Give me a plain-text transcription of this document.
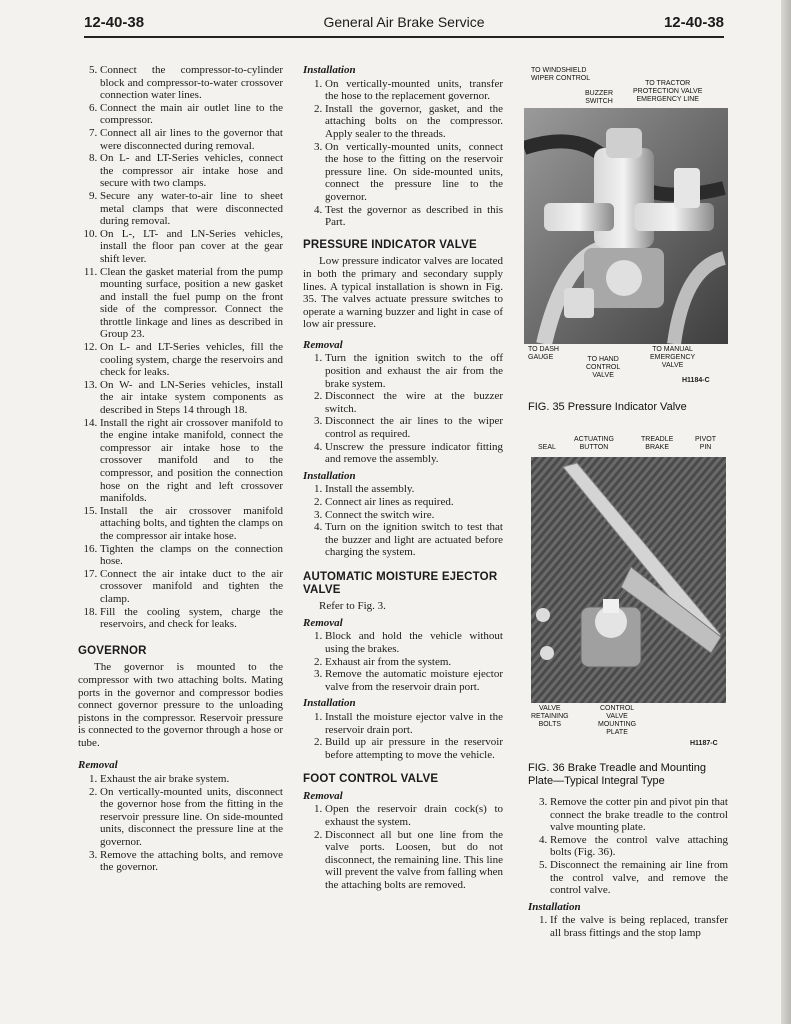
12-40-38	General Air Brake Service	12-40-38
5. Connect the compressor-to-cylinder block and compressor-to-water crossover connection water lines.
6. Connect the main air outlet line to the compressor.
7. Connect all air lines to the governor that were disconnected during removal.
8. On L- and LT-Series vehicles, connect the compressor air intake hose and secure with two clamps.
9. Secure any water-to-air line to sheet metal clamps that were disconnected during removal.
10. On L-, LT- and LN-Series vehicles, install the floor pan cover at the gear shift lever.
11. Clean the gasket material from the pump mounting surface, position a new gasket and install the fuel pump on the front side of the compressor. Connect the throttle linkage and lines as described in Group 23.
12. On L- and LT-Series vehicles, fill the cooling system, charge the reservoirs and check for leaks.
13. On W- and LN-Series vehicles, install the air intake system components as described in Steps 14 through 18.
14. Install the right air crossover manifold to the engine intake manifold, connect the compressor air intake hose to the crossover manifold and to the compressor, and position the connection hose on the right and left crossover manifolds.
15. Install the air crossover manifold attaching bolts, and tighten the clamps on the compressor air intake hose.
16. Tighten the clamps on the connection hose.
17. Connect the air intake duct to the air crossover manifold and tighten the clamp.
18. Fill the cooling system, charge the reservoirs, and check for leaks.
GOVERNOR

The governor is mounted to the compressor with two attaching bolts. Mating ports in the governor and compressor bodies connect governor pressure to the unloading pistons in the compressor. Reservoir pressure is connected to the governor through a hose or tube.

Removal
1. Exhaust the air brake system.
2. On vertically-mounted units, disconnect the governor hose from the fitting in the reservoir pressure line. On side-mounted units, disconnect the pressure line at the governor.
3. Remove the attaching bolts, and remove the governor.
Installation
1. On vertically-mounted units, transfer the hose to the replacement governor.
2. Install the governor, gasket, and the attaching bolts on the compressor. Apply sealer to the threads.
3. On vertically-mounted units, connect the hose to the fitting on the reservoir pressure line. On side-mounted units, connect the pressure line to the governor.
4. Test the governor as described in this Part.
PRESSURE INDICATOR VALVE

Low pressure indicator valves are located in both the primary and secondary supply lines. A typical installation is shown in Fig. 35. The valves actuate pressure switches to operate a warning buzzer and light in case of low air pressure.

Removal
1. Turn the ignition switch to the off position and exhaust the air from the brake system.
2. Disconnect the wire at the buzzer switch.
3. Disconnect the air lines to the wiper control as required.
4. Unscrew the pressure indicator fitting and remove the assembly.
Installation
1. Install the assembly.
2. Connect air lines as required.
3. Connect the switch wire.
4. Turn on the ignition switch to test that the buzzer and light are actuated before charging the system.
AUTOMATIC MOISTURE EJECTOR VALVE

Refer to Fig. 3.

Removal
1. Block and hold the vehicle without using the brakes.
2. Exhaust air from the system.
3. Remove the automatic moisture ejector valve from the reservoir drain port.
Installation
1. Install the moisture ejector valve in the reservoir drain port.
2. Build up air pressure in the reservoir before attempting to move the vehicle.
FOOT CONTROL VALVE
Removal
1. Open the reservoir drain cock(s) to exhaust the system.
2. Disconnect all but one line from the valve ports. Loosen, but do not disconnect, the remaining line. This line will prevent the valve from falling when the attaching bolts are removed.
TO WINDSHIELD
WIPER CONTROL
BUZZER
SWITCH
TO TRACTOR
PROTECTION VALVE
EMERGENCY LINE
TO DASH
GAUGE	TO HAND
CONTROL
VALVE
TO MANUAL
EMERGENCY
VALVE
H1184-C
FIG. 35 Pressure Indicator Valve
SEAL
ACTUATING
BUTTON
TREADLE
BRAKE
PIVOT
PIN
VALVE
RETAINING
BOLTS
CONTROL
VALVE
MOUNTING
PLATE
H1187-C
FIG. 36 Brake Treadle and Mounting Plate—Typical Integral Type
3. Remove the cotter pin and pivot pin that connect the brake treadle to the control valve mounting plate.
4. Remove the control valve attaching bolts (Fig. 36).
5. Disconnect the remaining air line from the control valve, and remove the control valve.
Installation
1. If the valve is being replaced, transfer all brass fittings and the stop lamp
